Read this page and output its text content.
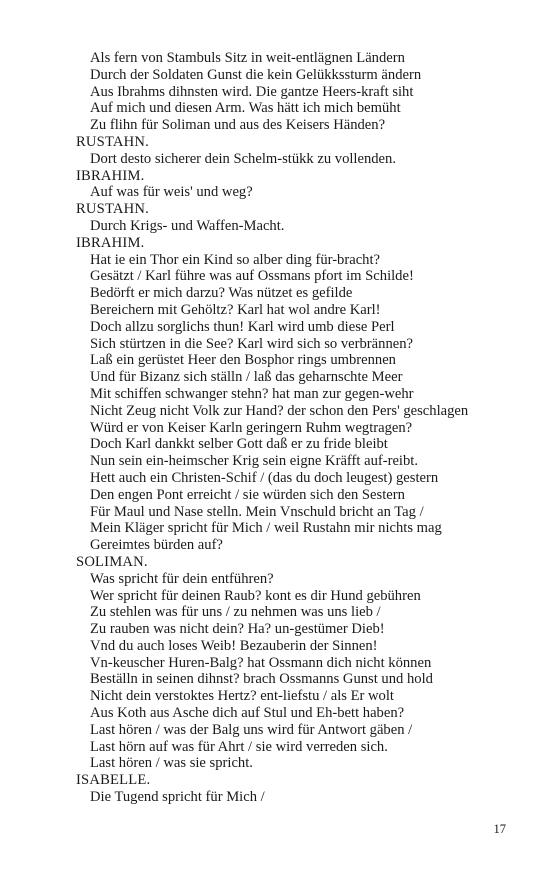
Als fern von Stambuls Sitz in weit-entlägnen Ländern
Durch der Soldaten Gunst die kein Gelükkssturm ändern
Aus Ibrahms dihnsten wird. Die gantze Heers-kraft siht
Auf mich und diesen Arm. Was hätt ich mich bemüht
Zu flihn für Soliman und aus des Keisers Händen?
RUSTAHN.
Dort desto sicherer dein Schelm-stükk zu vollenden.
IBRAHIM.
Auf was für weis' und weg?
RUSTAHN.
Durch Krigs- und Waffen-Macht.
IBRAHIM.
Hat ie ein Thor ein Kind so alber ding für-bracht?
Gesätzt / Karl führe was auf Ossmans pfort im Schilde!
Bedörft er mich darzu? Was nützet es gefilde
Bereichern mit Gehöltz? Karl hat wol andre Karl!
Doch allzu sorglichs thun! Karl wird umb diese Perl
Sich stürtzen in die See? Karl wird sich so verbrännen?
Laß ein gerüstet Heer den Bosphor rings umbrennen
Und für Bizanz sich ställn / laß das geharnschte Meer
Mit schiffen schwanger stehn? hat man zur gegen-wehr
Nicht Zeug nicht Volk zur Hand? der schon den Pers' geschlagen
Würd er von Keiser Karln geringern Ruhm wegtragen?
Doch Karl dankkt selber Gott daß er zu fride bleibt
Nun sein ein-heimscher Krig sein eigne Kräfft auf-reibt.
Hett auch ein Christen-Schif / (das du doch leugest) gestern
Den engen Pont erreicht / sie würden sich den Sestern
Für Maul und Nase stelln. Mein Vnschuld bricht an Tag /
Mein Kläger spricht für Mich / weil Rustahn mir nichts mag
Gereimtes bürden auf?
SOLIMAN.
Was spricht für dein entführen?
Wer spricht für deinen Raub? kont es dir Hund gebühren
Zu stehlen was für uns / zu nehmen was uns lieb /
Zu rauben was nicht dein? Ha? un-gestümer Dieb!
Vnd du auch loses Weib! Bezauberin der Sinnen!
Vn-keuscher Huren-Balg? hat Ossmann dich nicht können
Beställn in seinen dihnst? brach Ossmanns Gunst und hold
Nicht dein verstoktes Hertz? ent-liefstu / als Er wolt
Aus Koth aus Asche dich auf Stul und Eh-bett haben?
Last hören / was der Balg uns wird für Antwort gäben /
Last hörn auf was für Ahrt / sie wird verreden sich.
Last hören / was sie spricht.
ISABELLE.
Die Tugend spricht für Mich /
17
